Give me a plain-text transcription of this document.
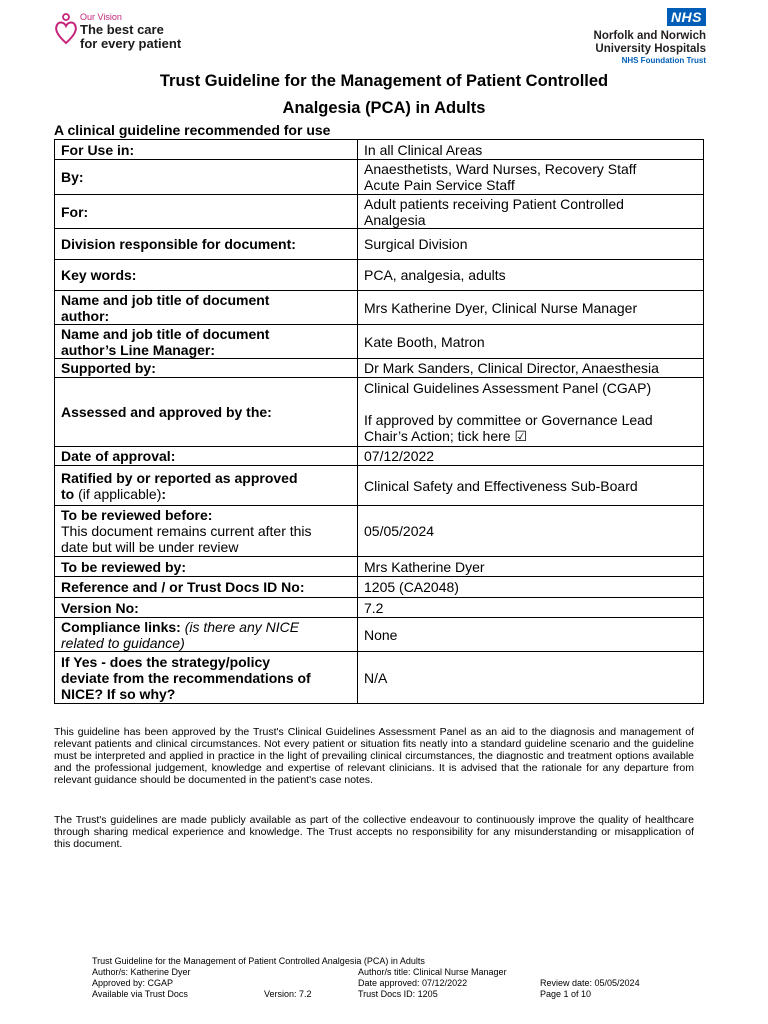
Our Vision
The best care
for every patient
NHS
Norfolk and Norwich
University Hospitals
NHS Foundation Trust
Trust Guideline for the Management of Patient Controlled
Analgesia (PCA) in Adults
A clinical guideline recommended for use
For Use in:	In all Clinical Areas
By:	Anaesthetists, Ward Nurses, Recovery Staff
Acute Pain Service Staff

For:	Adult patients receiving Patient Controlled
Analgesia

Division responsible for document:	Surgical Division
Key words:	PCA, analgesia, adults

Name and job title of document
author:	Mrs Katherine Dyer, Clinical Nurse Manager

Name and job title of document
author’s Line Manager:	Kate Booth, Matron
Supported by:	Dr Mark Sanders, Clinical Director, Anaesthesia
Assessed and approved by the:	Clinical Guidelines Assessment Panel (CGAP)
If approved by committee or Governance Lead
Chair’s Action; tick here ☑

Date of approval:	07/12/2022

Ratified by or reported as approved
to (if applicable):	Clinical Safety and Effectiveness Sub-Board

To be reviewed before:
This document remains current after this
date but will be under review	05/05/2024
To be reviewed by:	Mrs Katherine Dyer
Reference and / or Trust Docs ID No:	1205 (CA2048)
Version No:	7.2

Compliance links: (is there any NICE
related to guidance)	None

If Yes - does the strategy/policy
deviate from the recommendations of
NICE? If so why?	N/A
This guideline has been approved by the Trust's Clinical Guidelines Assessment Panel as an aid to the diagnosis and management of relevant patients and clinical circumstances. Not every patient or situation fits neatly into a standard guideline scenario and the guideline must be interpreted and applied in practice in the light of prevailing clinical circumstances, the diagnostic and treatment options available and the professional judgement, knowledge and expertise of relevant clinicians. It is advised that the rationale for any departure from relevant guidance should be documented in the patient's case notes.
The Trust's guidelines are made publicly available as part of the collective endeavour to continuously improve the quality of healthcare through sharing medical experience and knowledge. The Trust accepts no responsibility for any misunderstanding or misapplication of this document.
Trust Guideline for the Management of Patient Controlled Analgesia (PCA) in Adults
Author/s: Katherine Dyer	Author/s title: Clinical Nurse Manager
Approved by: CGAP	Date approved: 07/12/2022	Review date: 05/05/2024
Available via Trust Docs	Version: 7.2	Trust Docs ID: 1205	Page 1 of 10
